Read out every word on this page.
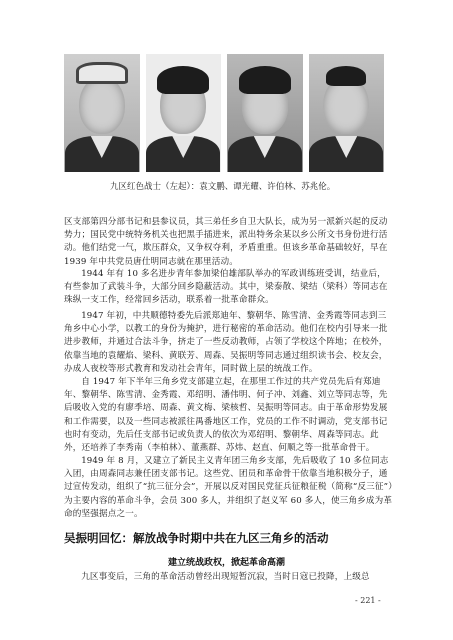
九区红色战士（左起）：袁文鹏、谭光耀、许伯林、苏兆伦。

区支部第四分部书记和县参议员，其三弟任乡自卫大队长，成为另一派新兴起的反动势力；国民党中统特务机关也把黑手插进来，派出特务余某以乡公所文书身份进行活动。他们结党一气，欺压群众，又争权夺利，矛盾重重。但该乡革命基础较好，早在 1939 年中共党员唐仕明同志就在那里活动。

1944 年有 10 多名进步青年参加梁伯雄部队举办的军政训练班受训，结业后，有些参加了武装斗争，大部分回乡隐蔽活动。其中，梁泰散、梁结（梁科）等同志在珠纵一支工作，经常回乡活动，联系着一批革命群众。

1947 年初，中共顺德特委先后派郑迪年、黎朝华、陈雪清、金秀霞等同志到三角乡中心小学，以教工的身份为掩护，进行秘密的革命活动。他们在校内引导来一批进步教师，并通过合法斗争，挤走了一些反动教师，占领了学校这个阵地；在校外，依靠当地的袁耀焰、梁科、黄联芳、周森、吴振明等同志通过组织读书会、校友会，办成人夜校等形式教育和发动社会青年，同时做上层的统战工作。

自 1947 年下半年三角乡党支部建立起，在那里工作过的共产党员先后有郑迪年、黎朝华、陈雪清、金秀霞、邓绍明、潘伟明、何子冲、刘鑫、刘立等同志等，先后吸收入党的有廖季培、周森、黄文梅、梁核哲、吴振明等同志。由于革命形势发展和工作需要，以及一些同志被派往禺番地区工作，党员的工作不时调动，党支部书记也时有变动，先后任支部书记或负责人的依次为邓绍明、黎朝华、周森等同志。此外，还培养了李秀南（李柏林）、董燕群、苏炜、赵直、何顺之等一批革命骨干。

1949 年 8 月，又建立了新民主义青年团三角乡支部，先后吸收了 10 多位同志入团，由周森同志兼任团支部书记。这些党、团员和革命骨干依靠当地积极分子，通过宣传发动，组织了“抗三征分会”，开展以反对国民党征兵征粮征税（简称“反三征”）为主要内容的革命斗争，会员 300 多人，并组织了赵义军 60 多人，使三角乡成为革命的坚强据点之一。

吴振明回忆：解放战争时期中共在九区三角乡的活动
建立统战政权，掀起革命高潮

九区事变后，三角的革命活动曾经出现短暂沉寂，当时日寇已投降，上级总

- 221 -
